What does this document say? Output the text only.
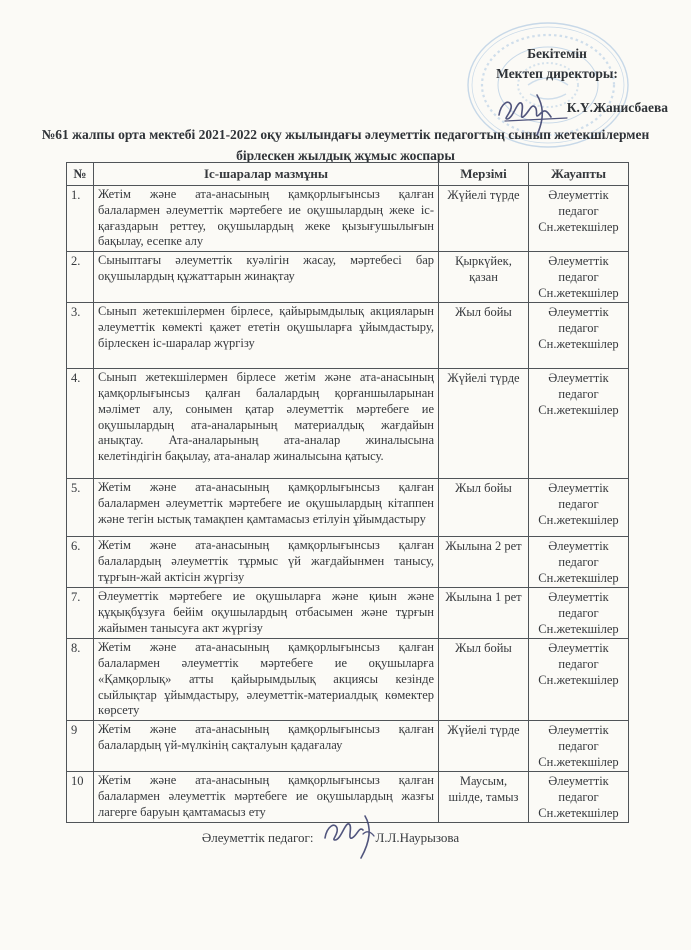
Бекітемін
Мектеп директоры:
К.Ү.Жанисбаева
№61 жалпы орта мектебі 2021-2022 оқу жылындағы әлеуметтік педагогтың сынып жетекшілермен бірлескен жылдық жұмыс жоспары
№	Іс-шаралар мазмұны	Мерзімі	Жауапты
1.	Жетім және ата-анасының қамқорлығынсыз қалған балалармен әлеуметтік мәртебеге ие оқушылардың жеке іс-қағаздарын реттеу, оқушылардың жеке қызығушылығын бақылау, есепке алу	Жүйелі түрде	Әлеуметтік педагог Сн.жетекшілер
2.	Сыныптағы әлеуметтік куәлігін жасау, мәртебесі бар оқушылардың құжаттарын жинақтау	Қыркүйек, қазан	Әлеуметтік педагог Сн.жетекшілер
3.	Сынып жетекшілермен бірлесе, қайырымдылық акцияларын әлеуметтік көмекті қажет ететін оқушыларға ұйымдастыру, бірлескен іс-шаралар жүргізу	Жыл бойы	Әлеуметтік педагог Сн.жетекшілер
4.	Сынып жетекшілермен бірлесе жетім және ата-анасының қамқорлығынсыз қалған балалардың қорғаншыларынан мәлімет алу, сонымен қатар әлеуметтік мәртебеге ие оқушылардың ата-аналарының материалдық жағдайын анықтау. Ата-аналарының ата-аналар жиналысына келетіндігін бақылау, ата-аналар жиналысына қатысу.	Жүйелі түрде	Әлеуметтік педагог Сн.жетекшілер
5.	Жетім және ата-анасының қамқорлығынсыз қалған балалармен әлеуметтік мәртебеге ие оқушылардың кітаппен және тегін ыстық тамақпен қамтамасыз етілуін ұйымдастыру	Жыл бойы	Әлеуметтік педагог Сн.жетекшілер
6.	Жетім және ата-анасының қамқорлығынсыз қалған балалардың әлеуметтік тұрмыс үй жағдайынмен танысу, тұрғын-жай актісін жүргізу	Жылына 2 рет	Әлеуметтік педагог Сн.жетекшілер
7.	Әлеуметтік мәртебеге ие оқушыларға және қиын және құқықбұзуға бейім оқушылардың отбасымен және тұрғын жайымен танысуға акт жүргізу	Жылына 1 рет	Әлеуметтік педагог Сн.жетекшілер
8.	Жетім және ата-анасының қамқорлығынсыз қалған балалармен әлеуметтік мәртебеге ие оқушыларға «Қамқорлық» атты қайырымдылық акциясы кезінде сыйлықтар ұйымдастыру, әлеуметтік-материалдық көмектер көрсету	Жыл бойы	Әлеуметтік педагог Сн.жетекшілер
9	Жетім және ата-анасының қамқорлығынсыз қалған балалардың үй-мүлкінің сақталуын қадағалау	Жүйелі түрде	Әлеуметтік педагог Сн.жетекшілер
10	Жетім және ата-анасының қамқорлығынсыз қалған балалармен әлеуметтік мәртебеге ие оқушылардың жазғы лагерге баруын қамтамасыз ету	Маусым, шілде, тамыз	Әлеуметтік педагог Сн.жетекшілер
Әлеуметтік педагог:	Л.Л.Наурызова
